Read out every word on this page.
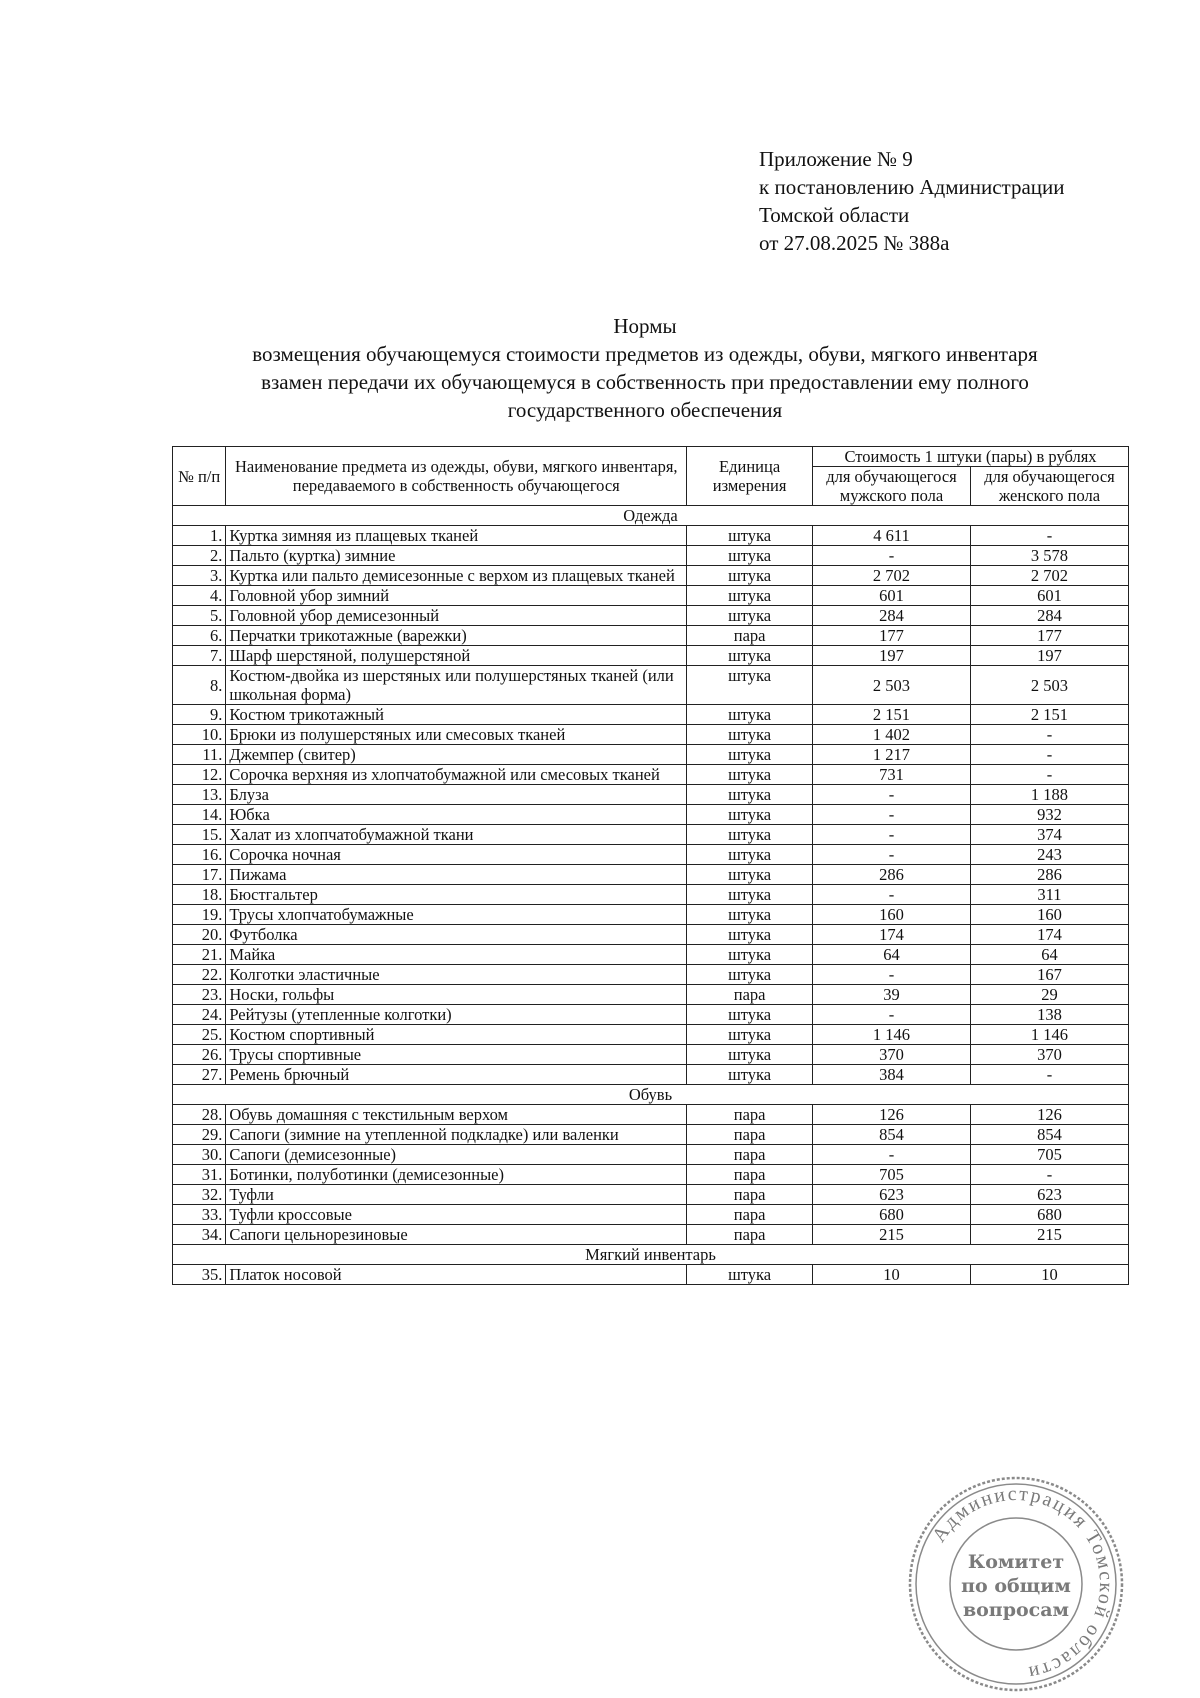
Приложение № 9
к постановлению Администрации
Томской области
от 27.08.2025 № 388а
Нормы
возмещения обучающемуся стоимости предметов из одежды, обуви, мягкого инвентаря
взамен передачи их обучающемуся в собственность при предоставлении ему полного
государственного обеспечения
№ п/п	Наименование предмета из одежды, обуви, мягкого инвентаря, передаваемого в собственность обучающегося	Единица измерения	Стоимость 1 штуки (пары) в рублях	
			для обучающегося мужского пола	для обучающегося женского пола
Одежда				
1.	Куртка зимняя из плащевых тканей	штука	4 611	-
2.	Пальто (куртка) зимние	штука	-	3 578
3.	Куртка или пальто демисезонные с верхом из плащевых тканей	штука	2 702	2 702
4.	Головной убор зимний	штука	601	601
5.	Головной убор демисезонный	штука	284	284
6.	Перчатки трикотажные (варежки)	пара	177	177
7.	Шарф шерстяной, полушерстяной	штука	197	197
8.	Костюм-двойка из шерстяных или полушерстяных тканей (или школьная форма)	штука	2 503	2 503
9.	Костюм трикотажный	штука	2 151	2 151
10.	Брюки из полушерстяных или смесовых тканей	штука	1 402	-
11.	Джемпер (свитер)	штука	1 217	-
12.	Сорочка верхняя из хлопчатобумажной или смесовых тканей	штука	731	-
13.	Блуза	штука	-	1 188
14.	Юбка	штука	-	932
15.	Халат из хлопчатобумажной ткани	штука	-	374
16.	Сорочка ночная	штука	-	243
17.	Пижама	штука	286	286
18.	Бюстгальтер	штука	-	311
19.	Трусы хлопчатобумажные	штука	160	160
20.	Футболка	штука	174	174
21.	Майка	штука	64	64
22.	Колготки эластичные	штука	-	167
23.	Носки, гольфы	пара	39	29
24.	Рейтузы (утепленные колготки)	штука	-	138
25.	Костюм спортивный	штука	1 146	1 146
26.	Трусы спортивные	штука	370	370
27.	Ремень брючный	штука	384	-
Обувь				
28.	Обувь домашняя с текстильным верхом	пара	126	126
29.	Сапоги (зимние на утепленной подкладке) или валенки	пара	854	854
30.	Сапоги (демисезонные)	пара	-	705
31.	Ботинки, полуботинки (демисезонные)	пара	705	-
32.	Туфли	пара	623	623
33.	Туфли кроссовые	пара	680	680
34.	Сапоги цельнорезиновые	пара	215	215
Мягкий инвентарь				
35.	Платок носовой	штука	10	10
Администрация Томской области
Комитет
по общим
вопросам
